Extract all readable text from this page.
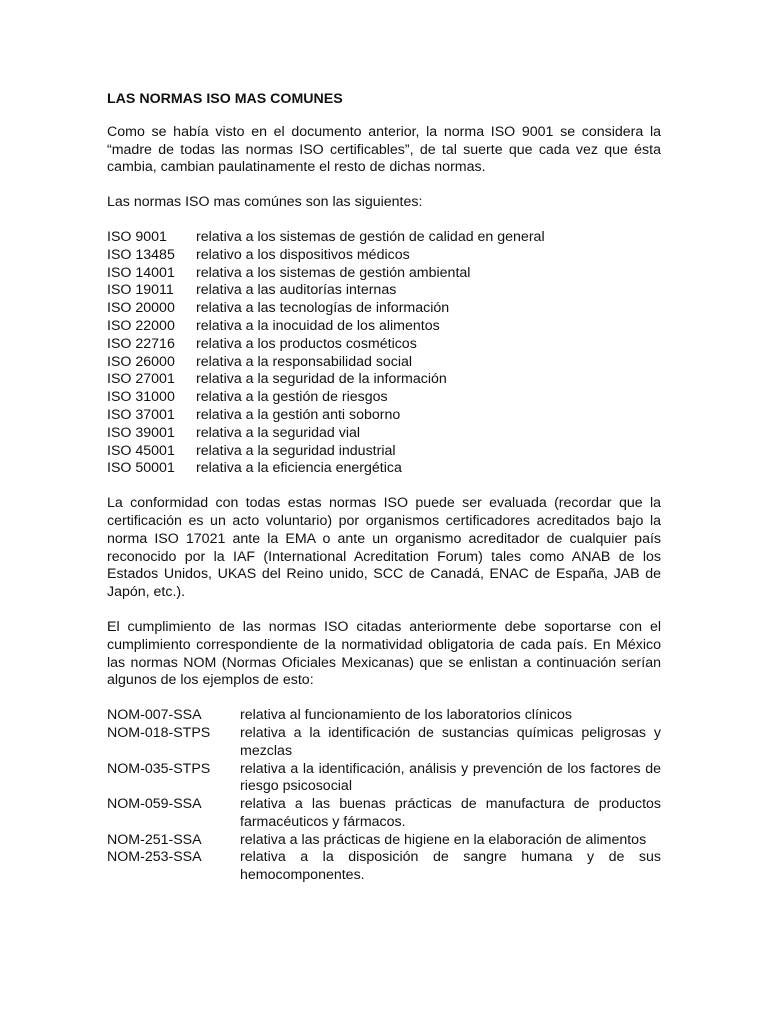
LAS NORMAS ISO MAS COMUNES

Como se había visto en el documento anterior, la norma ISO 9001 se considera la “madre de todas las normas ISO certificables”, de tal suerte que cada vez que ésta cambia, cambian paulatinamente el resto de dichas normas.

Las normas ISO mas comúnes son las siguientes:

ISO 9001	relativa a los sistemas de gestión de calidad en general
ISO 13485	relativo a los dispositivos médicos
ISO 14001	relativa a los sistemas de gestión ambiental
ISO 19011	relativa a las auditorías internas
ISO 20000	relativa a las tecnologías de información
ISO 22000	relativa a la inocuidad de los alimentos
ISO 22716	relativa a los productos cosméticos
ISO 26000	relativa a la responsabilidad social
ISO 27001	relativa a la seguridad de la información
ISO 31000	relativa a la gestión de riesgos
ISO 37001	relativa a la gestión anti soborno
ISO 39001	relativa a la seguridad vial
ISO 45001	relativa a la seguridad industrial
ISO 50001	relativa a la eficiencia energética

La conformidad con todas estas normas ISO puede ser evaluada (recordar que la certificación es un acto voluntario) por organismos certificadores acreditados bajo la norma ISO 17021 ante la EMA o ante un organismo acreditador de cualquier país reconocido por la IAF (International Acreditation Forum) tales como ANAB de los Estados Unidos, UKAS del Reino unido, SCC de Canadá, ENAC de España, JAB de Japón, etc.).

El cumplimiento de las normas ISO citadas anteriormente debe soportarse con el cumplimiento correspondiente de la normatividad obligatoria de cada país. En México las normas NOM (Normas Oficiales Mexicanas) que se enlistan a continuación serían algunos de los ejemplos de esto:

NOM-007-SSA	relativa al funcionamiento de los laboratorios clínicos
NOM-018-STPS	relativa a la identificación de sustancias químicas peligrosas y mezclas
NOM-035-STPS	relativa a la identificación, análisis y prevención de los factores de riesgo psicosocial
NOM-059-SSA	relativa a las buenas prácticas de manufactura de productos farmacéuticos y fármacos.
NOM-251-SSA	relativa a las prácticas de higiene en la elaboración de alimentos
NOM-253-SSA	relativa a la disposición de sangre humana y de sus hemocomponentes.
